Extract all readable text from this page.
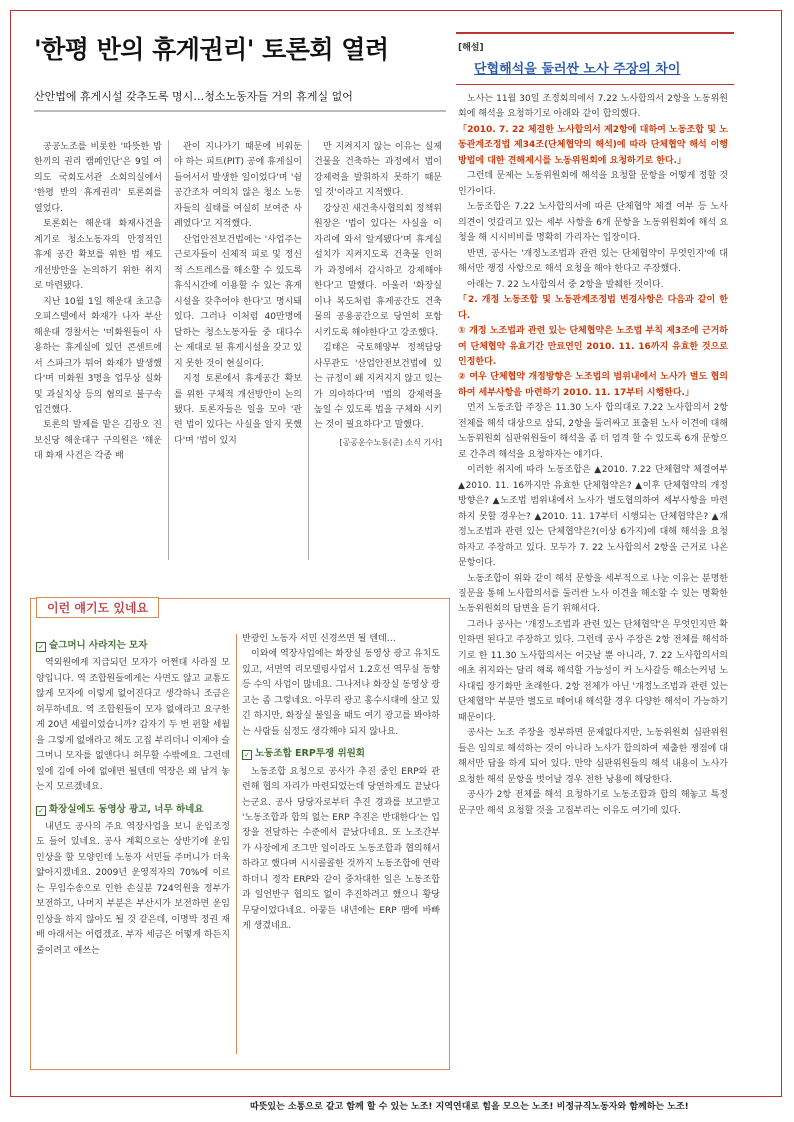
'한평 반의 휴게권리' 토론회 열려
산안법에 휴게시설 갖추도록 명시…청소노동자들 거의 휴게실 없어

공공노조를 비롯한 '따뜻한 밥한끼의 권리 캠페인단'은 9일 여의도 국회도서관 소회의실에서 '한평 반의 휴게권리' 토론회를 열었다.

토론회는 해운대 화재사건을 계기로 청소노동자의 안정적인 휴게 공간 확보를 위한 법 제도 개선방안을 논의하기 위한 취지로 마련됐다.

지난 10월 1일 해운대 초고층 오피스텔에서 화재가 나자 부산 해운대 경찰서는 '미화원들이 사용하는 휴게실에 있던 콘센트에서 스파크가 튀어 화재가 발생했다'며 미화원 3명을 업무상 실화 및 과실치상 등의 혐의로 불구속 입건했다.

토론의 발제를 맡은 김광오 진보신당 해운대구 구의원은 '해운대 화재 사건은 각종 배

관이 지나가기 때문에 비워둔 야 하는 피트(PIT) 공에 휴게실이 들어서서 발생한 일이었다'며 '쉼 공간조차 여의치 않은 청소 노동자들의 실태를 여실히 보여준 사례였다'고 지적했다.

산업안전보건법에는 '사업주는 근로자들이 신체적 피로 및 정신적 스트레스를 해소할 수 있도록 휴식시간에 이용할 수 있는 휴게시설을 갖추어야 한다'고 명시돼 있다. 그러나 이처럼 40만명에 달하는 청소노동자들 중 대다수는 제대로 된 휴게시설을 갖고 있지 못한 것이 현실이다.

지정 토론에서 휴게공간 확보를 위한 구체적 개선방안이 논의됐다. 토론자들은 일을 모아 '관련 법이 있다는 사실을 알지 못했다'며 '법이 있지

만 지켜지지 않는 이유는 실제 건물을 건축하는 과정에서 법이 강제력을 발휘하지 못하기 때문일 것'이라고 지적했다.

강상진 새건축사협의회 정책위원장은 '법이 있다는 사실을 이 자리에 와서 알게됐다'며 휴게실 설치가 지켜지도록 건축물 인허가 과정에서 감시하고 강제해야한다'고 말했다. 아울러 '화장실이나 복도처럼 휴게공간도 건축물의 공용공간으로 당연히 포함시키도록 해야한다'고 강조했다.

김태은 국토해양부 정책담당 사무관도 '산업안전보건법에 있는 규정이 왜 지켜지지 않고 있는가 의아하다'며 '법의 강제력을 높일 수 있도록 법을 구체화 시키는 것이 필요하다'고 말했다.

[공공운수노동(준) 소식 기사]
이런 얘기도 있네요
✓ 슬그머니 사라지는 모자

역외원에게 지급되던 모자가 어쩐대 사라질 모양입니다. 역 조합원들에게는 사면도 않고 교통도 않게 모자에 이렇게 없어진다고 생각하니 조금은 허무하네요. 역 조합원들이 모자 없애라고 요구한 게 20년 세월이었습니까? 갑자기 두 번 펀할 세월을 그렇게 없애라고 해도 고집 부리더니 이제야 슬그머니 모자를 없앤다니 허무할 수밖에요. 그런데 일에 김에 아에 없애면 될텐데 역장은 왜 남겨 놓는지 모르겠네요.

✓ 화장실에도 동영상 광고, 너무 하네요

내년도 공사의 주요 역장사업을 보니 운임조정도 들어 있네요. 공사 계획으로는 상반기에 운임 인상을 할 모양인데 노동자 서민들 주머니가 더욱 얇아지겠네요. 2009년 운영적자의 70%에 이르는 무임수송으로 인한 손실분 724억원을 정부가 보전하고, 나머지 부분은 부산시가 보전하면 운임 인상을 하지 않아도 될 것 같은데, 이명박 정권 재배 아래서는 어렵겠죠. 부자 세금은 어떻게 하든지 줄이려고 애쓰는

반광인 노동자 서민 신경쓰면 될 텐데…

이와에 역장사업에는 화장실 동영상 광고 유치도 있고, 서면역 리모델링사업서 1.2호선 역무실 동향 등 수익 사업이 많네요. 그나저나 화장실 동영상 광고는 좀 그렇네요. 아무리 광고 홍수시대에 살고 있긴 하지만, 화장실 볼일을 때도 여기 광고를 봐야하는 사람들 심정도 생각해야 되지 않나요.

✓ 노동조합 ERP투쟁 위원회

노동조합 요청으로 공사가 추진 중인 ERP와 관련해 협의 자리가 마련되었는데 당연하게도 끝났다는군요. 공사 당당자로부터 추진 경과를 보고받고 '노동조합과 합의 없는 ERP 추진은 반대한다'는 입장을 전달하는 수준에서 끝났다네요. 또 노조간부가 사장에게 조그만 일이라도 노동조합과 협의해서 하라고 했다며 시시콜콜한 것까지 노동조합에 연락하더니 정작 ERP와 같이 중차대한 일은 노동조합과 일언반구 협의도 없이 추진하려고 했으니 황당 무당이었다네요. 아뭏든 내년에는 ERP 땜에 바빠게 생겼네요.

[해설]
단협해석을 둘러싼 노사 주장의 차이

노사는 11월 30일 조정회의에서 7.22 노사합의서 2항을 노동위원회에 해석을 요청하기로 아래와 같이 합의했다.

「2010. 7. 22 체결한 노사합의서 제2항에 대하여 노동조합 및 노동관계조정법 제34조(단체협약의 해석)에 따라 단체협약 해석 이행방법에 대한 견해제시를 노동위원회에 요청하기로 한다.」

그런데 문제는 노동위원회에 해석을 요청할 문항을 어떻게 정할 것인가이다.

노동조합은 7.22 노사합의서에 따른 단체협약 체결 여부 등 노사 의견이 엇갈리고 있는 세부 사항을 6개 문항을 노동위원회에 해석 요청을 해 시시비비를 명확히 가리자는 입장이다.

반면, 공사는 '개정노조법과 관련 있는 단체협약이 무엇인지'에 대해서만 쟁정 사항으로 해석 요청을 해야 한다고 주장했다.

아래는 7. 22 노사합의서 중 2항을 발췌한 것이다.

「2. 개정 노동조합 및 노동관계조정법 변경사항은 다음과 같이 한다.
① 개정 노조법과 관련 있는 단체협약은 노조법 부칙 제3조에 근거하여 단체협약 유효기간 만료연인 2010. 11. 16까지 유효한 것으로 인정한다.
② 여우 단체협약 개정방향은 노조법의 범위내에서 노사가 별도 협의하여 세부사항을 마련하기 2010. 11. 17부터 시행한다.」

먼저 노동조합 주장은 11.30 노사 합의대로 7.22 노사합의서 2항 전체를 해석 대상으로 삼되, 2항을 둘러싸고 표출된 노사 이견에 대해 노동위원회 심판위원들이 해석을 좀 더 엄격 할 수 있도록 6개 문항으로 간추려 해석을 요청하자는 얘기다.

이러한 취지에 따라 노동조합은 ▲2010. 7.22 단체협약 체결여부 ▲2010. 11. 16까지만 유효한 단체협약은? ▲이후 단체협약의 개정방향은? ▲노조법 범위내에서 노사가 별도협의하여 세부사항을 마련하지 못할 경우는? ▲2010. 11. 17부터 시행되는 단체협약은? ▲개정노조법과 관련 있는 단체협약은?(이상 6가지)에 대해 해석을 요청하자고 주장하고 있다. 모두가 7. 22 노사합의서 2항을 근거로 나온 문항이다.

노동조합이 위와 같이 해석 문항을 세부적으로 나눈 이유는 분명한 질문을 통해 노사합의서를 둘러싼 노사 이견을 해소할 수 있는 명확한 노동위원회의 답변을 듣기 위해서다.

그러나 공사는 '개정노조법과 관련 있는 단체협약'은 무엇인지만 확인하면 된다고 주장하고 있다. 그런데 공사 주장은 2항 전체를 해석하기로 한 11.30 노사합의서는 어긋날 뿐 아니라, 7. 22 노사합의서의 애초 취지와는 달리 해록 해석할 가능성이 커 노사갈등 해소는커녕 노사대립 장기화만 초래한다. 2항 전체가 아닌 '개정노조법과 관련 있는 단체협약' 부분만 별도로 떼어내 해석할 경우 다양한 해석이 가능하기 때문이다.

공사는 노조 주장을 정부하면 문제없다지만, 노동위원회 심판위원들은 임의로 해석하는 것이 아니라 노사가 합의하여 제출한 쟁점에 대해서만 답을 하게 되어 있다. 만약 심판위원들의 해석 내용이 노사가 요청한 해석 문항을 벗어날 경우 전한 낭용에 해당한다.

공사가 2항 전체를 해석 요청하기로 노동조합과 합의 해놓고 특정 문구만 해석 요청할 것을 고집부리는 이유도 여기에 있다.

따뜻있는 소통으로 같고 함께 할 수 있는 노조! 지역연대로 힘을 모으는 노조! 비정규직노동자와 함께하는 노조!
